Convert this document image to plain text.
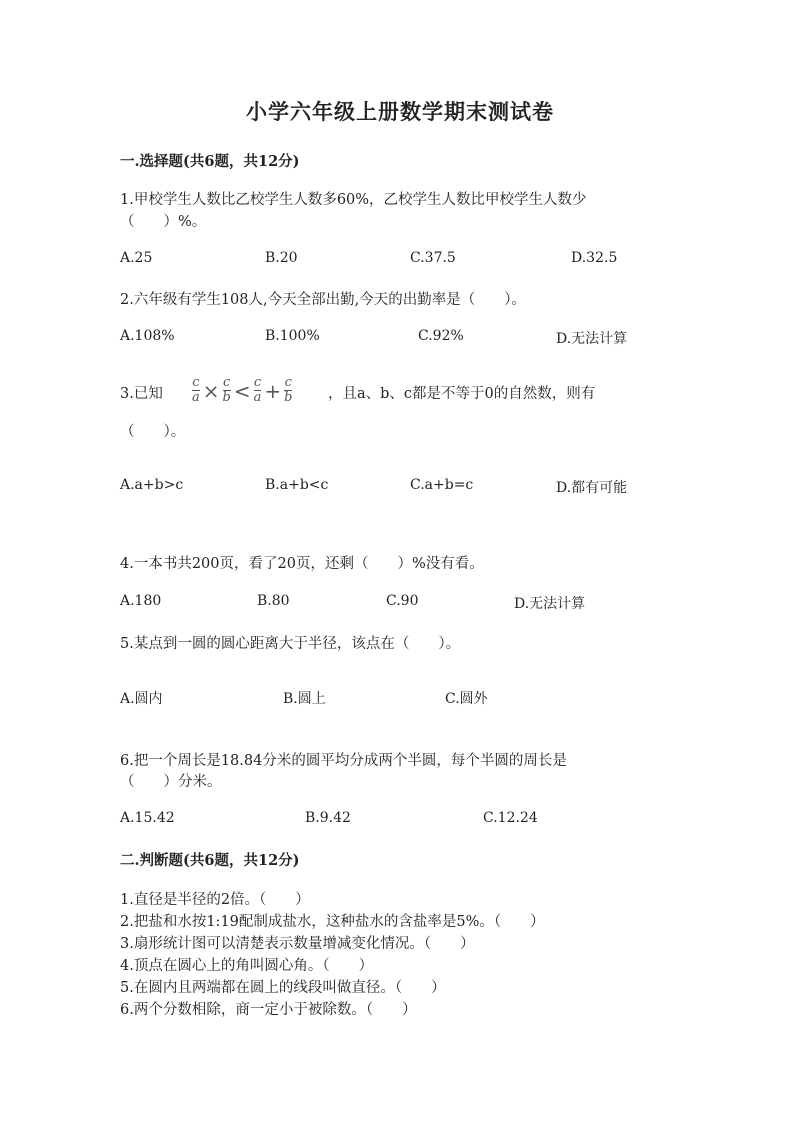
小学六年级上册数学期末测试卷
一.选择题(共6题，共12分)
1.甲校学生人数比乙校学生人数多60%，乙校学生人数比甲校学生人数少
（　　）%。
A.25	B.20	C.37.5	D.32.5
2.六年级有学生108人,今天全部出勤,今天的出勤率是（　　）。
A.108%	B.100%	C.92%	D.无法计算
3.已知 $\frac{c}{a} \times \frac{c}{b} < \frac{c}{a} + \frac{c}{b}$ ，且a、b、c都是不等于0的自然数，则有
（　　）。
A.a+b>c	B.a+b<c	C.a+b=c	D.都有可能
4.一本书共200页，看了20页，还剩（　　）%没有看。
A.180	B.80	C.90	D.无法计算
5.某点到一圆的圆心距离大于半径，该点在（　　）。
A.圆内	B.圆上	C.圆外
6.把一个周长是18.84分米的圆平均分成两个半圆，每个半圆的周长是
（　　）分米。
A.15.42	B.9.42	C.12.24
二.判断题(共6题，共12分)
1.直径是半径的2倍。（　　）
2.把盐和水按1:19配制成盐水，这种盐水的含盐率是5%。（　　）
3.扇形统计图可以清楚表示数量增减变化情况。（　　）
4.顶点在圆心上的角叫圆心角。（　　）
5.在圆内且两端都在圆上的线段叫做直径。（　　）
6.两个分数相除，商一定小于被除数。（　　）
